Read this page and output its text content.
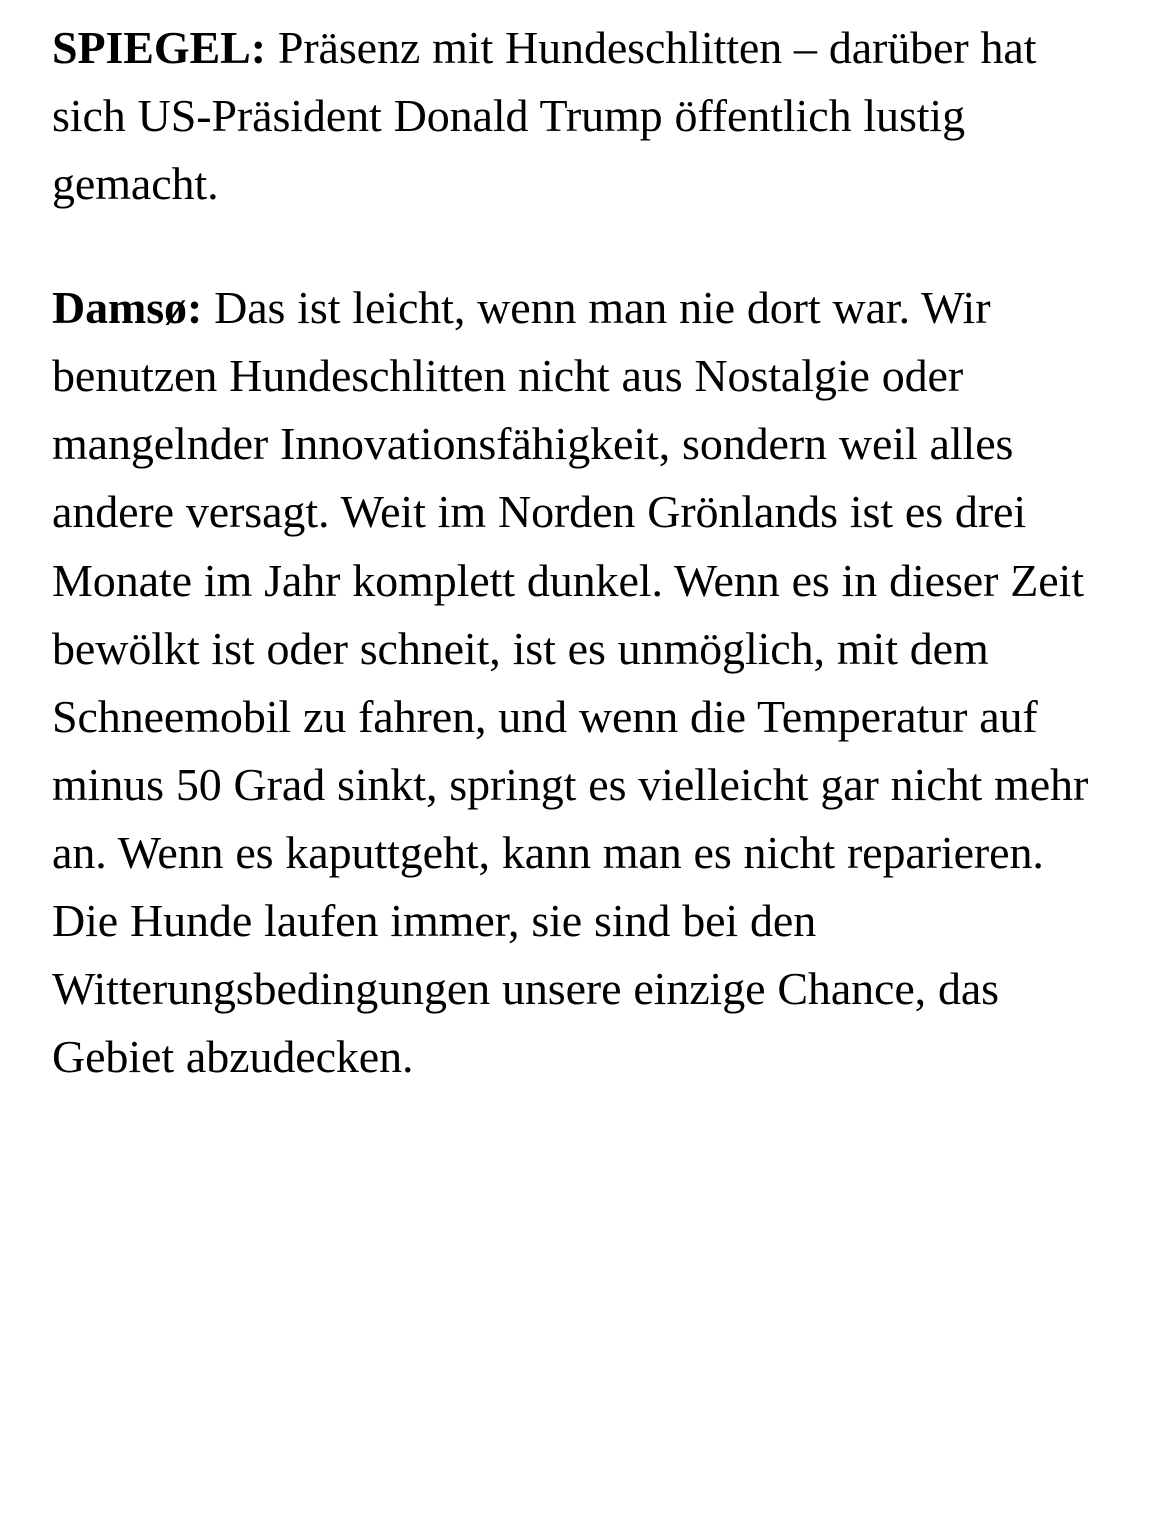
SPIEGEL: Präsenz mit Hundeschlitten – darüber hat sich US-Präsident Donald Trump öffentlich lustig gemacht.

Damsø: Das ist leicht, wenn man nie dort war. Wir benutzen Hundeschlitten nicht aus Nostalgie oder mangelnder Innovationsfähigkeit, sondern weil alles andere versagt. Weit im Norden Grönlands ist es drei Monate im Jahr komplett dunkel. Wenn es in dieser Zeit bewölkt ist oder schneit, ist es unmöglich, mit dem Schneemobil zu fahren, und wenn die Temperatur auf minus 50 Grad sinkt, springt es vielleicht gar nicht mehr an. Wenn es kaputtgeht, kann man es nicht reparieren. Die Hunde laufen immer, sie sind bei den Witterungsbedingungen unsere einzige Chance, das Gebiet abzudecken.
